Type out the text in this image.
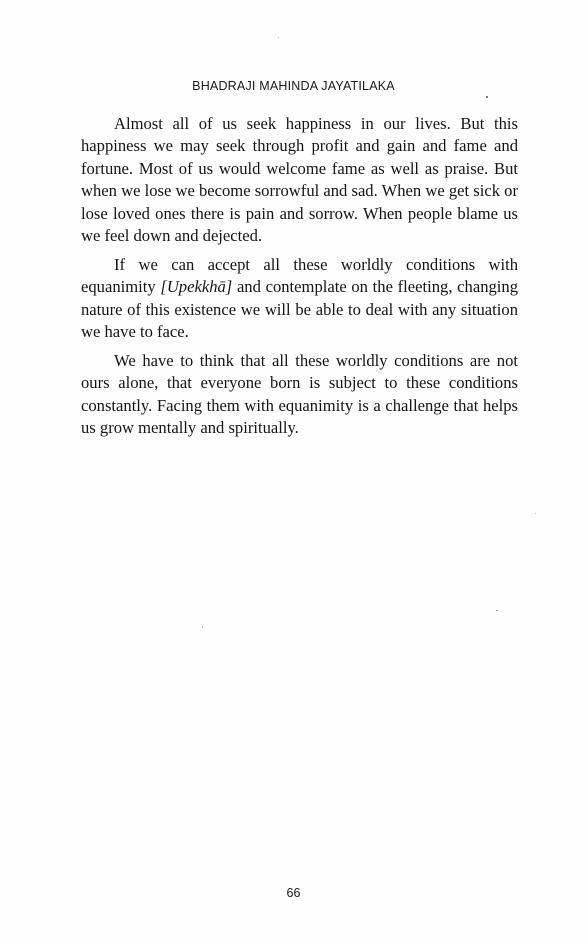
BHADRAJI MAHINDA JAYATILAKA

Almost all of us seek happiness in our lives. But this happiness we may seek through profit and gain and fame and fortune. Most of us would welcome fame as well as praise. But when we lose we become sorrowful and sad. When we get sick or lose loved ones there is pain and sorrow. When people blame us we feel down and dejected.

If we can accept all these worldly conditions with equanimity [Upekkhā] and contemplate on the fleeting, changing nature of this existence we will be able to deal with any situation we have to face.

We have to think that all these worldly conditions are not ours alone, that everyone born is subject to these conditions constantly. Facing them with equanimity is a challenge that helps us grow mentally and spiritually.

66
